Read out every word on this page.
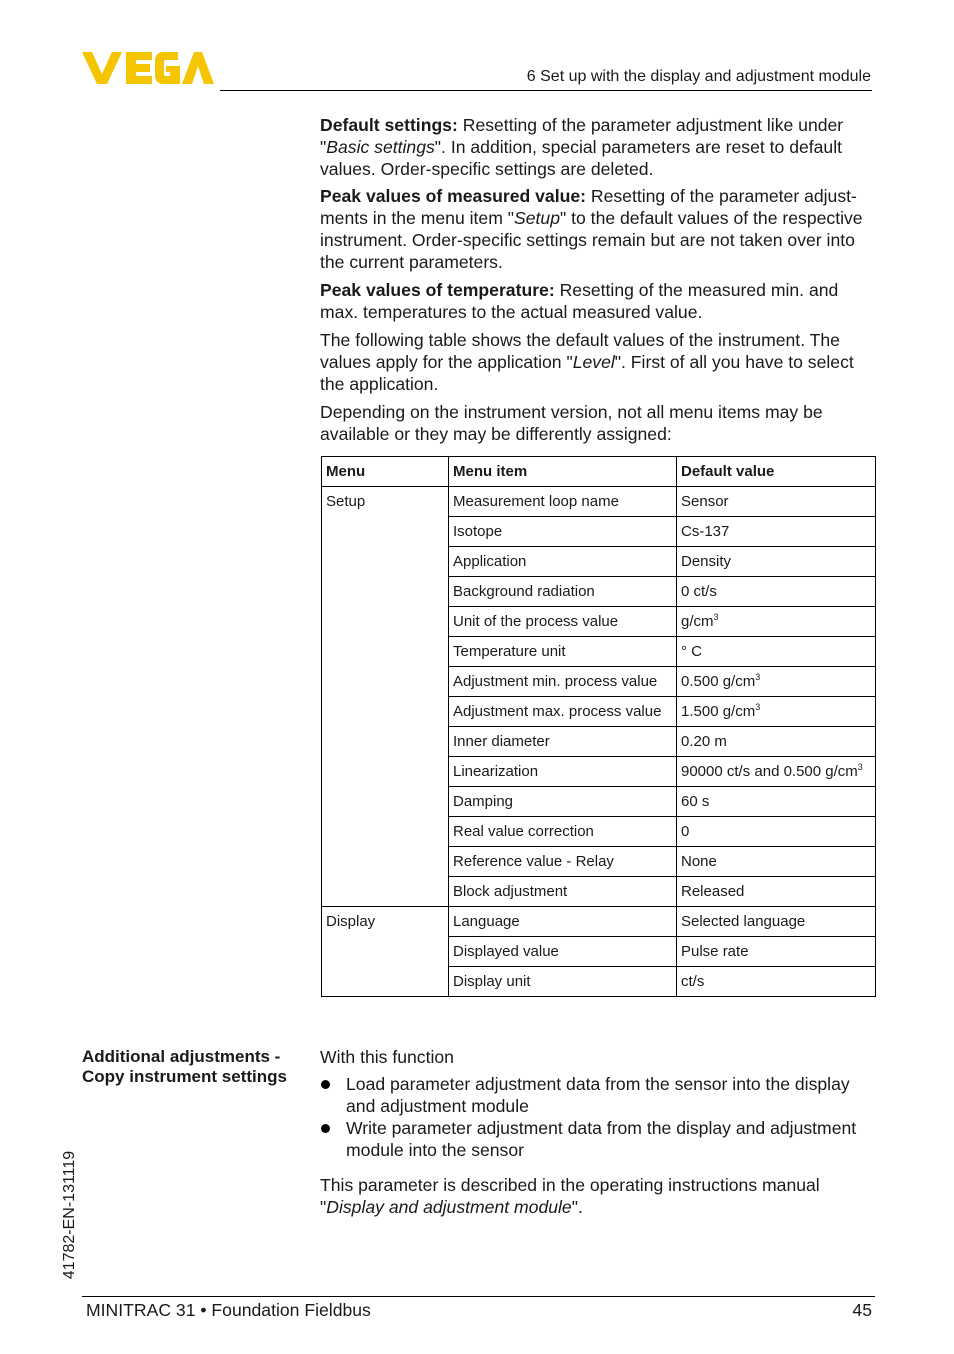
6 Set up with the display and adjustment module

Default settings: Resetting of the parameter adjustment like under "Basic settings". In addition, special parameters are reset to default values. Order-specific settings are deleted.

Peak values of measured value: Resetting of the parameter adjust-ments in the menu item "Setup" to the default values of the respective instrument. Order-specific settings remain but are not taken over into the current parameters.

Peak values of temperature: Resetting of the measured min. and max. temperatures to the actual measured value.

The following table shows the default values of the instrument. The values apply for the application "Level". First of all you have to select the application.

Depending on the instrument version, not all menu items may be available or they may be differently assigned:

Menu	Menu item	Default value
Setup	Measurement loop name	Sensor
	Isotope	Cs-137
	Application	Density
	Background radiation	0 ct/s
	Unit of the process value	$g/cm^3$
	Temperature unit	° C
	Adjustment min. process value	0.500 $g/cm^3$
	Adjustment max. process value	1.500 $g/cm^3$
	Inner diameter	0.20 m
	Linearization	90000 ct/s and 0.500 $g/cm^3$
	Damping	60 s
	Real value correction	0
	Reference value - Relay	None
	Block adjustment	Released
Display	Language	Selected language
	Displayed value	Pulse rate
	Display unit	ct/s
Additional adjustments -
Copy instrument settings

With this function

Load parameter adjustment data from the sensor into the display and adjustment module
Write parameter adjustment data from the display and adjustment module into the sensor

This parameter is described in the operating instructions manual "Display and adjustment module".

41782-EN-131119
MINITRAC 31 • Foundation Fieldbus	45
